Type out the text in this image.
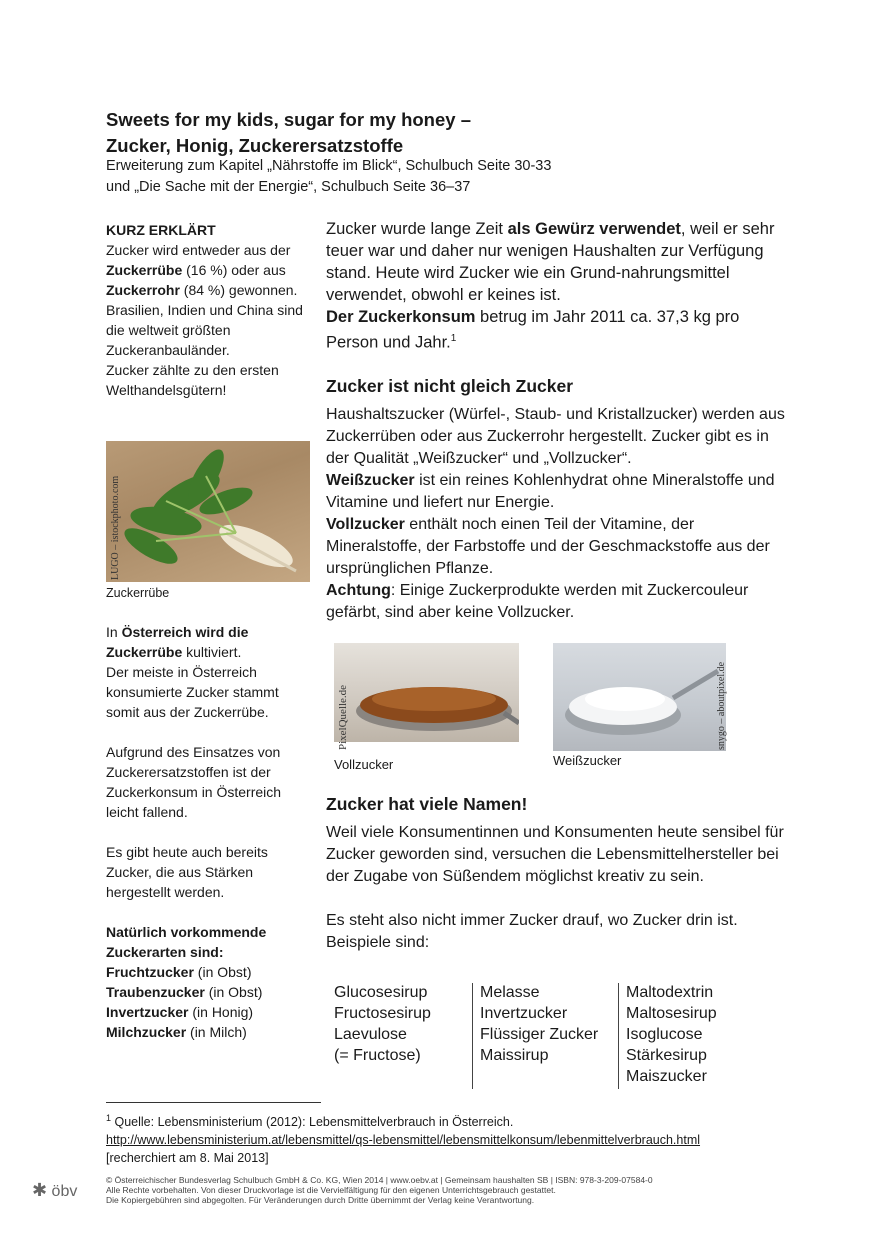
Sweets for my kids, sugar for my honey –
Zucker, Honig, Zuckerersatzstoffe
Erweiterung zum Kapitel „Nährstoffe im Blick“, Schulbuch Seite 30-33
und „Die Sache mit der Energie“, Schulbuch Seite 36–37

KURZ ERKLÄRT

Zucker wird entweder aus der Zuckerrübe (16 %) oder aus Zuckerrohr (84 %) gewonnen.

Brasilien, Indien und China sind die weltweit größten Zuckeranbauländer.

Zucker zählte zu den ersten Welthandelsgütern!

LUGO – istockphoto.com
Zuckerrübe

In Österreich wird die Zuckerrübe kultiviert.

Der meiste in Österreich konsumierte Zucker stammt somit aus der Zuckerrübe.

Aufgrund des Einsatzes von Zuckerersatzstoffen ist der Zuckerkonsum in Österreich leicht fallend.

Es gibt heute auch bereits Zucker, die aus Stärken hergestellt werden.

Natürlich vorkommende Zuckerarten sind:

Fruchtzucker (in Obst)
Traubenzucker (in Obst)
Invertzucker (in Honig)
Milchzucker (in Milch)

Zucker wurde lange Zeit als Gewürz verwendet, weil er sehr teuer war und daher nur wenigen Haushalten zur Verfügung stand. Heute wird Zucker wie ein Grund-nahrungsmittel verwendet, obwohl er keines ist.

Der Zuckerkonsum betrug im Jahr 2011 ca. 37,3 kg pro Person und Jahr.$^1$

Zucker ist nicht gleich Zucker

Haushaltszucker (Würfel-, Staub- und Kristallzucker) werden aus Zuckerrüben oder aus Zuckerrohr hergestellt. Zucker gibt es in der Qualität „Weißzucker“ und „Vollzucker“.

Weißzucker ist ein reines Kohlenhydrat ohne Mineralstoffe und Vitamine und liefert nur Energie.

Vollzucker enthält noch einen Teil der Vitamine, der Mineralstoffe, der Farbstoffe und der Geschmackstoffe aus der ursprünglichen Pflanze.

Achtung: Einige Zuckerprodukte werden mit Zuckercouleur gefärbt, sind aber keine Vollzucker.

PixelQuelle.de
Vollzucker
snygo – aboutpixel.de
Weißzucker
Zucker hat viele Namen!

Weil viele Konsumentinnen und Konsumenten heute sensibel für Zucker geworden sind, versuchen die Lebensmittelhersteller bei der Zugabe von Süßendem möglichst kreativ zu sein.

Es steht also nicht immer Zucker drauf, wo Zucker drin ist. Beispiele sind:

Glucosesirup
Fructosesirup
Laevulose
(= Fructose)
Melasse
Invertzucker
Flüssiger Zucker
Maissirup
Maltodextrin
Maltosesirup
Isoglucose
Stärkesirup
Maiszucker
$^1$ Quelle: Lebensministerium (2012): Lebensmittelverbrauch in Österreich.
http://www.lebensministerium.at/lebensmittel/qs-lebensmittel/lebensmittelkonsum/lebenmittelverbrauch.html
[recherchiert am 8. Mai 2013]
✱ öbv
© Österreichischer Bundesverlag Schulbuch GmbH & Co. KG, Wien 2014 | www.oebv.at | Gemeinsam haushalten SB | ISBN: 978-3-209-07584-0
Alle Rechte vorbehalten. Von dieser Druckvorlage ist die Vervielfältigung für den eigenen Unterrichtsgebrauch gestattet.
Die Kopiergebühren sind abgegolten. Für Veränderungen durch Dritte übernimmt der Verlag keine Verantwortung.
